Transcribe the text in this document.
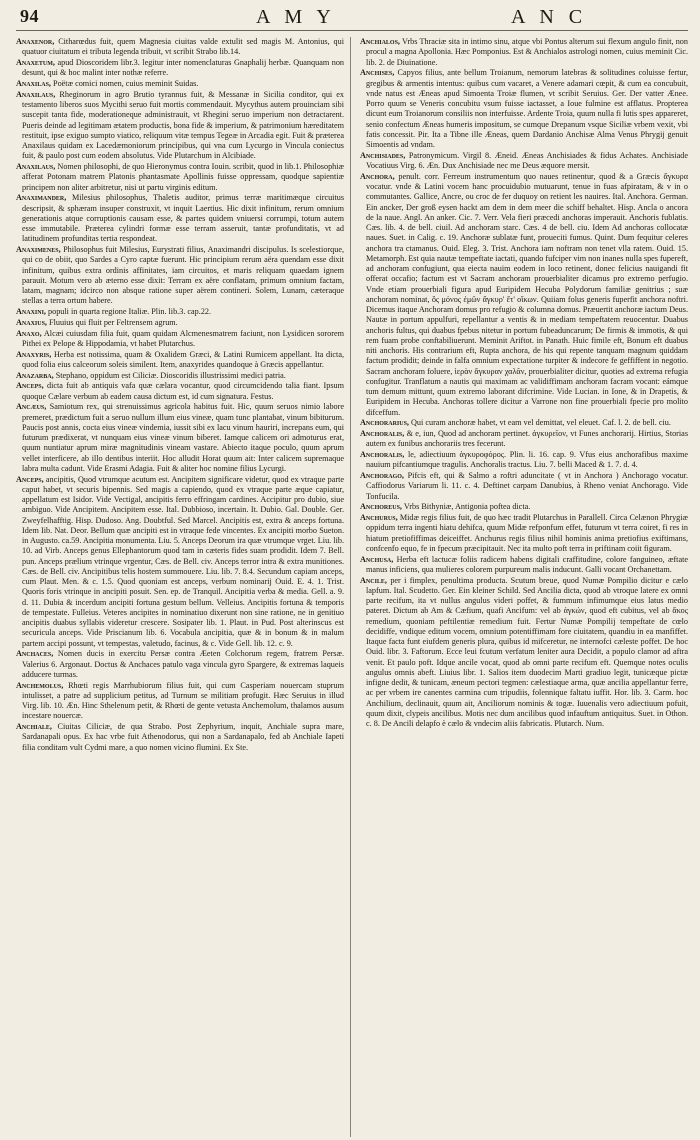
94	A M Y	A N C

Anaxenor, Citharœdus fuit, quem Magnesia ciuitas valde extulit sed magis M. Antonius, qui quatuor ciuitatum ei tributa legenda tribuit, vt scribit Strabo lib.14.

Anaxetum, apud Dioscoridem libr.3. legitur inter nomenclaturas Gnaphalij herbæ. Quanquam non desunt, qui & hoc malint inter nothæ referre.

Anaxilas, Poëtæ comici nomen, cuius meminit Suidas.

Anaxilaus, Rheginorum in agro Brutio tyrannus fuit, & Messanæ in Sicilia conditor, qui ex testamento liberos suos Mycithi seruo fuit mortis commendauit. Mycythus autem prouinciam sibi suscepit tanta fide, moderationeque administrauit, vt Rhegini seruo imperium non detractarent. Pueris deinde ad legitimam ætatem productis, bona fide & imperium, & patrimonium hæreditatem restituit, ipse exiguo sumpto viatico, reliquum vitæ tempus Tegeæ in Arcadia egit. Fuit & præterea Anaxilaus quidam ex Lacedæmoniorum principibus, qui vna cum Lycurgo in Vincula coniectus fuit, & paulo post cum eodem absolutus. Vide Plutarchum in Alcibiade.

Anaxilaus, Nomen philosophi, de quo Hieronymus contra Iouin. scribit, quod in lib.1. Philosophiæ afferat Potonam matrem Platonis phantasmate Apollinis fuisse oppressam, quodque sapientiæ principem non aliter arbitretur, nisi ut partu virginis editum.

Anaximander, Milesius philosophus, Thaletis auditor, primus terræ maritimæque circuitus descripsit, & sphæram insuper construxit, vt inquit Laertius. Hic dixit infinitum, rerum omnium generationis atque corruptionis causam esse, & partes quidem vniuersi corrumpi, totum autem esse immutabile. Præterea cylindri formæ esse terram asseruit, tantæ profunditatis, vt ad latitudinem profunditas tertia respondeat.

Anaximenes, Philosophus fuit Milesius, Eurystrati filius, Anaximandri discipulus. Is scelestiorque, qui co de obiit, quo Sardes a Cyro captæ fuerunt. Hic principium rerum aëra quendam esse dixit infinitum, quibus extra ordinis affinitates, iam circuitos, et maris reliquam quaedam ignem parauit. Motum vero ab æterno esse dixit: Terram ex aëre conflatam, primum omnium factam, latam, magnam; idcirco non absque ratione super aërem contineri. Solem, Lunam, cæteraque stellas a terra ortum habere.

Anaxini, populi in quarta regione Italiæ. Plin. lib.3. cap.22.

Anaxius, Fluuius qui fluit per Feltrensem agrum.

Anaxo, Alcæi cuiusdam filia fuit, quam quidam Alcmenesmatrem faciunt, non Lysidicen sororem Pithei ex Pelope & Hippodamia, vt habet Plutarchus.

Anaxyris, Herba est notissima, quam & Oxalidem Græci, & Latini Rumicem appellant. Ita dicta, quod folia eius calceorum soleis similent. Item, anaxyrides quandoque à Græcis appellantur.

Anazarba, Stephano, oppidum est Ciliciæ. Dioscoridis illustrissimi medici patria.

Anceps, dicta fuit ab antiquis vafa quæ cælara vocantur, quod circumcidendo talia fiant. Ipsum quoque Cælare verbum ab eadem causa dictum est, id cum signatura. Festus.

Ancæus, Samiotum rex, qui strenuissimus agricola habitus fuit. Hic, quum seruos nimio labore premeret, prædictum fuit a seruo nullum illum eius vineæ, quam tunc plantabat, vinum bibiturum. Paucis post annis, cocta eius vineæ vindemia, iussit sibi ex lacu vinum hauriri, increpans eum, qui futurum prædixerat, vt nunquam eius vineæ vinum biberet. Iamque calicem ori admoturus erat, quum nuntiatur aprum miræ magnitudinis vineam vastare. Abiecto itaque poculo, quum aprum vellet interficere, ab illo dentibus interiit. Hoc alludit Horat quum ait: Inter calicem supremaque labra multa cadunt. Vide Erasmi Adagia. Fuit & aliter hoc nomine filius Lycurgi.

Anceps, ancipitis, Quod vtrumque acutum est. Ancipitem significare videtur, quod ex vtraque parte caput habet, vt securis bipennis. Sed magis a capiendo, quod ex vtraque parte æque capiatur, appellatum est Isidor. Vide Vectigal, ancipitis ferro effringam cardines. Accipitur pro dubio, siue ambiguo. Vide Ancipitem. Ancipitem esse. Ital. Dubbioso, incertain. It. Dubio. Gal. Double. Ger. Zweyfelhafftig. Hisp. Dudoso. Ang. Doubtful. Sed Marcel. Ancipitis est, extra & anceps fortuna. Idem Iib. Nat. Deor. Bellum quæ ancipiti est in vtraque fede vincentes. Ex ancipiti morbo Sueton. in Augusto. ca.59. Ancipitia monumenta. Liu. 5. Anceps Deorum ira quæ vtrumque vrget. Liu. lib. 10. ad Virb. Anceps genus Ellephantorum quod tam in cæteris fides suam prodidit. Idem 7. Bell. pun. Anceps prælium vtrinque vrgentur, Cæs. de Bell. civ. Anceps terror intra & extra munitiones. Cæs. de Bell. civ. Ancipitibus telis hostem summouere. Liu. lib. 7. 8.4. Secundum capiam anceps, cum Plaut. Men. & c. 1.5. Quod quoniam est anceps, verbum nominarij Ouid. E. 4. 1. Trist. Quoris foris vtrinque in ancipiti posuit. Sen. ep. de Tranquil. Ancipitia verba & media. Gell. a. 9. d. 11. Dubia & incerdum ancipiti fortuna gestum bellum. Velleius. Ancipitis fortuna & temporis de tempestate. Fulleius. Veteres ancipites in nominatiuo dixerunt non sine ratione, ne in genitiuo ancipitis duabus syllabis videretur crescere. Sosipater lib. 1. Plaut. in Pud. Post alterinscus est securicula anceps. Vide Priscianum lib. 6. Vocabula ancipitia, quæ & in bonum & in malum partem accipi possunt, vt tempestas, valetudo, facinus, & c. Vide Gell. lib. 12. c. 9.

Anchaces, Nomen ducis in exercitu Persæ contra Æeten Colchorum regem, fratrem Persæ. Valerius 6. Argonaut. Doctus & Anchaces patulo vaga vincula gyro Spargere, & extremas laqueis adducere turmas.

Anchemolus, Rhœti regis Marrhubiorum filius fuit, qui cum Casperiam nouercam stuprum intulisset, a patre ad supplicium petitus, ad Turnum se militiam profugit. Hæc Seruius in illud Virg. lib. 10. Æn. Hinc Sthelenum petit, & Rhœti de gente vetusta Anchemolum, thalamos ausum incestare nouercæ.

Anchiale, Ciuitas Ciliciæ, de qua Strabo. Post Zephyrium, inquit, Anchiale supra mare, Sardanapali opus. Ex hac vrbe fuit Athenodorus, qui non a Sardanapalo, fed ab Anchiale Iapeti filia conditam vult Cydmi mare, a quo nomen vicino flumini. Ex Ste.

Anchialos, Vrbs Thraciæ sita in intimo sinu, atque vbi Pontus alterum sui flexum angulo finit, non procul a magna Apollonia. Hæc Pomponius. Est & Anchialos astrologi nomen, cuius meminit Cic. lib. 2. de Diuinatione.

Anchises, Capyos filius, ante bellum Troianum, nemorum latebras & solitudines coluisse fertur, gregibus & armentis intentus: quibus cum vacaret, a Venere adamari cœpit, & cum ea concubuit, vnde natus est Æneas apud Simoenta Troiæ flumen, vt scribit Seruius. Ger. Der vatter Ænee. Porro quum se Veneris concubitu vsum fuisse iactasset, a Ioue fulmine est afflatus. Propterea dicunt eum Troianorum consiliis non interfuisse. Ardente Troia, quum nulla fi lutis spes appareret, senio confectum Æneas humeris impositum, se cumque Drepanum vsque Siciliæ vrbem vexit, vbi fatis concessit. Pir. Ita a Tibne ille Æneas, quem Dardanio Anchisæ Alma Venus Phrygij genuit Simoentis ad vndam.

Anchisiades, Patronymicum. Virgil 8. Æneid. Æneas Anchisiades & fidus Achates. Anchisiade Vocatiuus Virg. 6. Æn. Dux Anchisiade nec me Deus æquore mersit.

Anchora, penult. corr. Ferreum instrumentum quo naues retinentur, quod & a Græcis ἄγκυρα vocatur. vnde & Latini vocem hanc procuidubio mutuarunt, tenue in fuas afpiratam, & v in o commutantes. Gallice, Ancre, ou croc de fer duquoy on retient les nauires. Ital. Anchora. German. Ein ancker, Der groß eysen hackt am dem in dem meer die schiff behaltet. Hisp. Ancla o ancora de la naue. Angl. An anker. Cic. 7. Verr. Vela fieri præcedi anchoras imperauit. Anchoris fublatis. Cæs. lib. 4. de bell. ciuil. Ad anchoram starc. Cæs. 4 de bell. ciu. Idem Ad anchoras collocatæ naues. Suet. in Calig. c. 19. Anchoræ sublatæ funt, proueciti fumus. Quint. Dum fequitur celeres anchora tra ctamanus. Ouid. Eleg. 3. Trist. Anchora iam noftram non tenet vlla ratem. Ouid. 15. Metamorph. Est quia nautæ tempeftate iactati, quando fufciper vim non inanes nulla spes fupereft, ad anchoram confugiunt, qua eiecta nauim eodem in loco retinent, donec felicius nauigandi fit offerat occafio; factum est vt Sacram anchoram prouerbialiter dicamus pro extremo perfugio. Vnde etiam prouerbiali figura apud Euripidem Hecuba Polydorum familiæ genitrius ; suæ anchoram nominat, ὅς μόνος ἐμῶν ἄγκυρ' ἔτ' οἴκων. Quiiam folus generis fuperfit anchora noftri. Dicemus itaque Anchoram domus pro refugio & columna domus. Præuertit anchoræ iactum Deus. Nautæ in portum appulfuri, repellantur a ventis & in mediam tempeftatem reuocentur. Duabus anchoris fultus, qui duabus fpebus nitetur in portum fubeaduncarum; De firmis & immotis, & qui rem fuam probe conftabiliuerunt. Meminit Ariftot. in Panath. Huic fimile eft, Bonum eft duabus niti anchoris. His contrarium eft, Rupta anchora, de his qui repente tanquam magnum quiddam factum prodidit; deinde in falfa omnium expectatione turpiter & indecore fe geffiffent in negotio. Sacram anchoram foluere, ἱερὰν ἄγκυραν χαλᾶν, prouerbialiter dicitur, quoties ad extrema refugia confugitur. Tranflatum a nautis qui maximam ac validiffimam anchoram facram vocant: eámque tum demum mittunt, quum extremo laborant difcrimine. Vide Lucian. in Ione, & in Drapetis, & Euripidem in Hecuba. Anchoras tollere dicitur a Varrone non fine prouerbiali fpecie pro molito difceffum.

Anchorarius, Qui curam anchoræ habet, vt eam vel demittat, vel eleuet. Caf. l. 2. de bell. ciu.

Anchoralis, & e, iun, Quod ad anchoram pertinet. ἀγκυρεῖον, vt Funes anchorarij. Hirtius, Storias autem ex funibus anchorariis tres fecerunt.

Anchoralis, le, adiectiuum ἀγκυροφόρος. Plin. li. 16. cap. 9. Vfus eius anchorafibus maxime nauium pifcantiumque tragulis. Anchoralis tractus. Liu. 7. belli Maced & 1. 7. d. 4.

Anchorago, Pifcis eft, qui & Salmo a roftri aduncitate ( vt in Anchora ) Anchorago vocatur. Caffiodorus Variarum li. 11. c. 4. Deftinet carpam Danubius, à Rheno veniat Anchorago. Vide Tonfucila.

Anchoreus, Vrbs Bithyniæ, Antigonia poftea dicta.

Anchurus, Midæ regis filius fuit, de quo hæc tradit Plutarchus in Parallell. Circa Celænon Phrygiæ oppidum terra ingenti hiatu dehifca, quum Midæ refponfum effet, futurum vt terra coiret, fi res in hiatum pretiofiffimas deiceiffet. Anchurus regis filius nihil hominis anima pretiofius exiftimans, confcenfo equo, fe in fpecum præcipitauit. Nec ita multo poft terra in priftinam coiit figuram.

Anchusa, Herba eft lactucæ foliis radicem habens digitali craffitudine, colore fanguineo, æftate manus inficiens, qua mulieres colorem purpureum malis inducunt. Galli vocant Orchanettam.

Ancile, per i fimplex, penultima producta. Scutum breue, quod Numæ Pompilio dicitur e cælo lapfum. Ital. Scudetto. Ger. Ein kleiner Schild. Sed Ancilia dicta, quod ab vtroque latere ex omni parte recifum, ita vt nullus angulus videri poffet, & fummum infimumque eius latus medio pateret. Dictum ab Am & Cæfium, quafi Ancifum: vel ab ἀγκών, quod eft cubitus, vel ab ἄκος remedium, quoniam peftilentiæ remedium fuit. Fertur Numæ Pompilij tempeftate de cœlo decidiffe, vndique editum vocem, omnium potentiffimam fore ciuitatem, quandiu in ea manfiffet. Itaque facta funt eiufdem generis plura, quibus id mifceretur, ne internofci cæleste poffet. De hoc Ouid. libr. 3. Faftorum. Ecce leui fcutum verfatum leniter aura Decidit, a populo clamor ad aftra venit. Et paulo poft. Idque ancile vocat, quod ab omni parte recifum eft. Quemque notes oculis angulus omnis abeft. Liuius libr. 1. Salios item duodecim Marti gradiuo legit, tunicæque pictæ infigne dedit, & tunicam, æneum pectori tegmen: cælestiaque arma, quæ ancilia appellantur ferre, ac per vrbem ire canentes carmina cum tripudiis, folennique faltatu iuffit. Hor. lib. 3. Carm. hoc Anchilium, declinauit, quum ait, Anciliorum nominis & togæ. Iuuenalis vero adiectiuum pofuit, quum dixit, clypeis ancilibus. Motis nec dum ancilibus quod infauftum antiquitus. Suet. in Othon. c. 8. De Ancili delapfo è cælo & vndecim aliis fabricatis. Plutarch. Num.
